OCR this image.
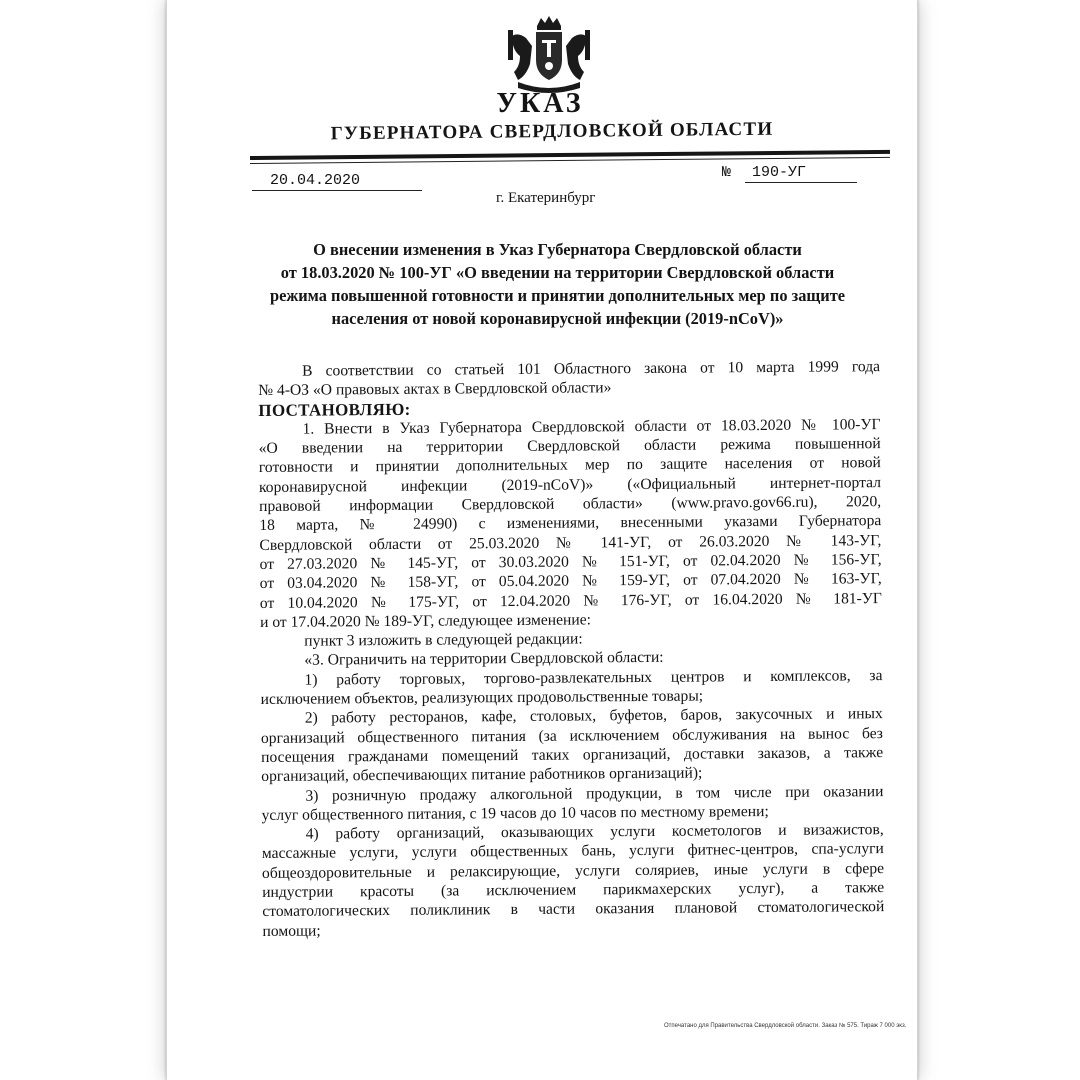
УКАЗ
ГУБЕРНАТОРА СВЕРДЛОВСКОЙ ОБЛАСТИ
20.04.2020	№ 190-УГ
г. Екатеринбург
О внесении изменения в Указ Губернатора Свердловской области
от 18.03.2020 № 100-УГ «О введении на территории Свердловской области
режима повышенной готовности и принятии дополнительных мер по защите
населения от новой коронавирусной инфекции (2019-nCoV)»

В соответствии со статьей 101 Областного закона от 10 марта 1999 года

№ 4-ОЗ «О правовых актах в Свердловской области»

ПОСТАНОВЛЯЮ:

1. Внести в Указ Губернатора Свердловской области от 18.03.2020 № 100-УГ

«О введении на территории Свердловской области режима повышенной

готовности и принятии дополнительных мер по защите населения от новой

коронавирусной инфекции (2019-nCoV)» («Официальный интернет-портал

правовой информации Свердловской области» (www.pravo.gov66.ru), 2020,

18 марта, № 24990) с изменениями, внесенными указами Губернатора

Свердловской области от 25.03.2020 № 141-УГ, от 26.03.2020 № 143-УГ,

от 27.03.2020 № 145-УГ, от 30.03.2020 № 151-УГ, от 02.04.2020 № 156-УГ,

от 03.04.2020 № 158-УГ, от 05.04.2020 № 159-УГ, от 07.04.2020 № 163-УГ,

от 10.04.2020 № 175-УГ, от 12.04.2020 № 176-УГ, от 16.04.2020 № 181-УГ

и от 17.04.2020 № 189-УГ, следующее изменение:

пункт 3 изложить в следующей редакции:

«3. Ограничить на территории Свердловской области:

1) работу торговых, торгово-развлекательных центров и комплексов, за

исключением объектов, реализующих продовольственные товары;

2) работу ресторанов, кафе, столовых, буфетов, баров, закусочных и иных

организаций общественного питания (за исключением обслуживания на вынос без

посещения гражданами помещений таких организаций, доставки заказов, а также

организаций, обеспечивающих питание работников организаций);

3) розничную продажу алкогольной продукции, в том числе при оказании

услуг общественного питания, с 19 часов до 10 часов по местному времени;

4) работу организаций, оказывающих услуги косметологов и визажистов,

массажные услуги, услуги общественных бань, услуги фитнес-центров, спа-услуги

общеоздоровительные и релаксирующие, услуги соляриев, иные услуги в сфере

индустрии красоты (за исключением парикмахерских услуг), а также

стоматологических поликлиник в части оказания плановой стоматологической

помощи;

Отпечатано для Правительства Свердловской области. Заказ № 575. Тираж 7 000 экз.
